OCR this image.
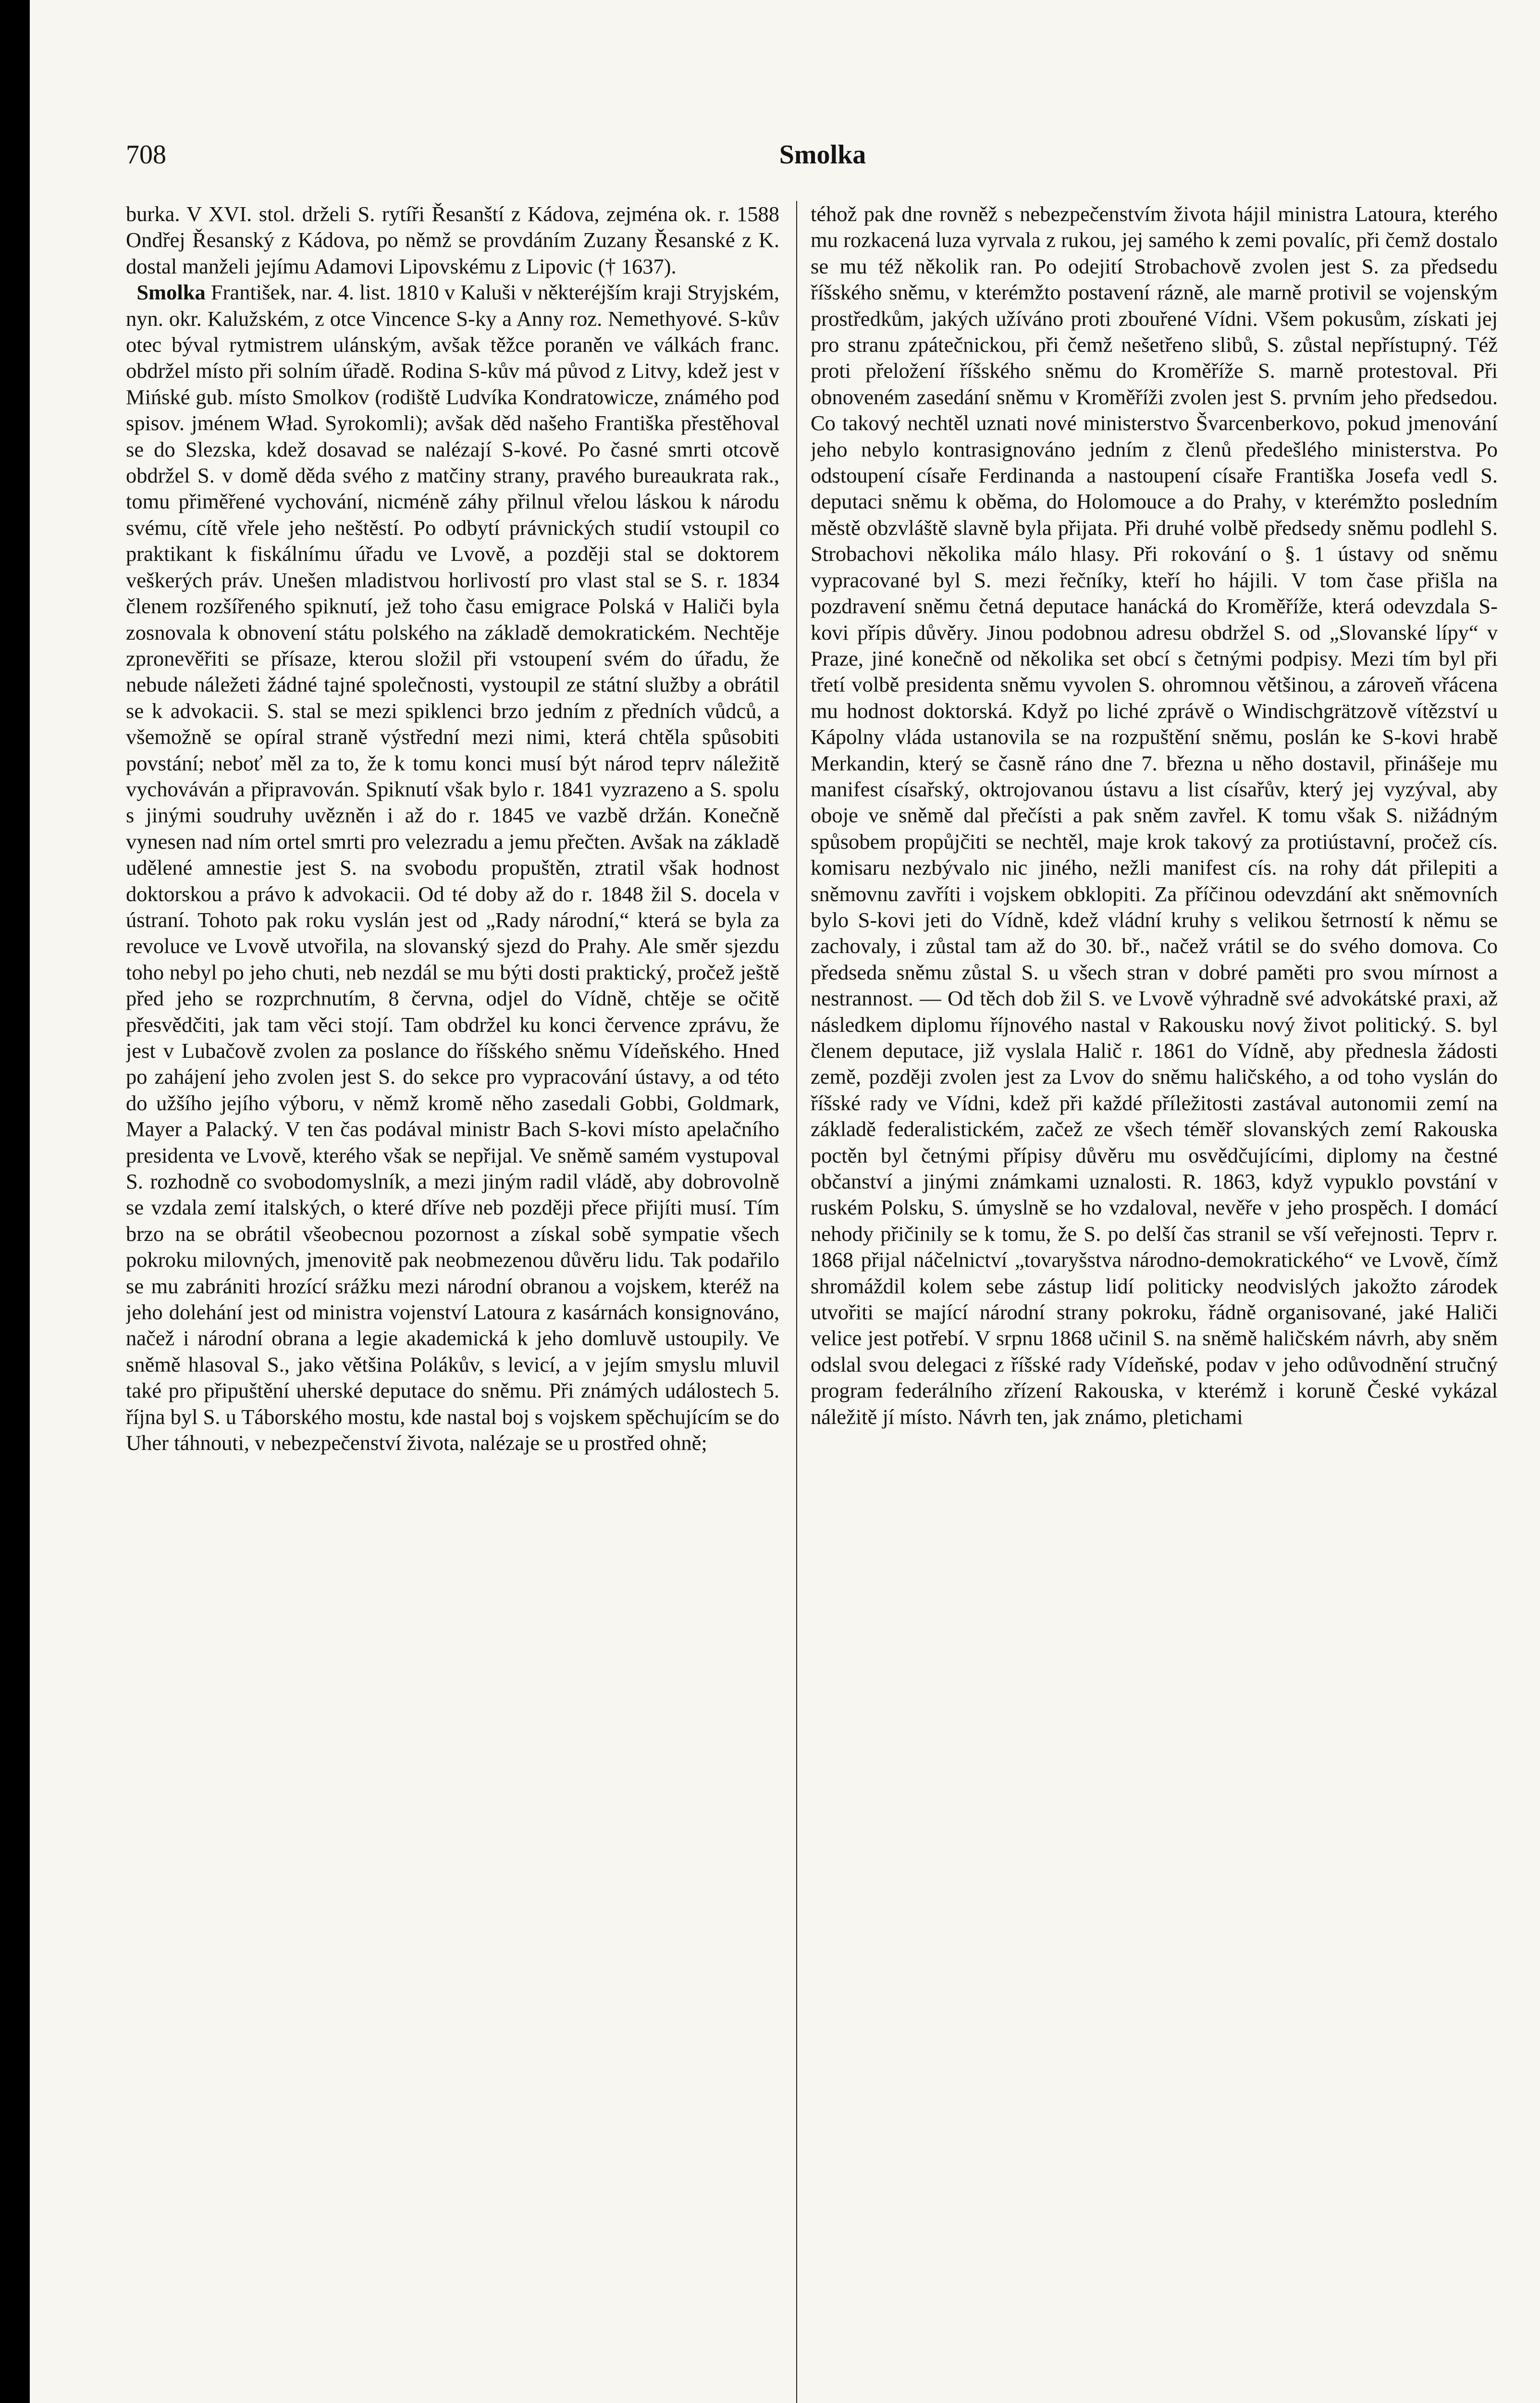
708	Smolka

burka. V XVI. stol. drželi S. rytíři Řesanští z Kádova, zejména ok. r. 1588 Ondřej Řesanský z Kádova, po němž se provdáním Zuzany Řesanské z K. dostal manželi jejímu Adamovi Lipovskému z Lipovic († 1637).

Smolka František, nar. 4. list. 1810 v Kaluši v některéjším kraji Stryjském, nyn. okr. Kalužském, z otce Vincence S-ky a Anny roz. Nemethyové. S-kův otec býval rytmistrem ulánským, avšak těžce poraněn ve válkách franc. obdržel místo při solním úřadě. Rodina S-kův má původ z Litvy, kdež jest v Mińské gub. místo Smolkov (rodiště Ludvíka Kondratowicze, známého pod spisov. jménem Wład. Syrokomli); avšak děd našeho Františka přestěhoval se do Slezska, kdež dosavad se nalézají S-kové. Po časné smrti otcově obdržel S. v domě děda svého z matčiny strany, pravého bureaukrata rak., tomu přiměřené vychování, nicméně záhy přilnul vřelou láskou k národu svému, cítě vřele jeho neštěstí. Po odbytí právnických studií vstoupil co praktikant k fiskálnímu úřadu ve Lvově, a později stal se doktorem veškerých práv. Unešen mladistvou horlivostí pro vlast stal se S. r. 1834 členem rozšířeného spiknutí, jež toho času emigrace Polská v Haliči byla zosnovala k obnovení státu polského na základě demokratickém. Nechtěje zpronevěřiti se přísaze, kterou složil při vstoupení svém do úřadu, že nebude náležeti žádné tajné společnosti, vystoupil ze státní služby a obrátil se k advokacii. S. stal se mezi spiklenci brzo jedním z předních vůdců, a všemožně se opíral straně výstřední mezi nimi, která chtěla spůsobiti povstání; neboť měl za to, že k tomu konci musí být národ teprv náležitě vychováván a připravován. Spiknutí však bylo r. 1841 vyzrazeno a S. spolu s jinými soudruhy uvězněn i až do r. 1845 ve vazbě držán. Konečně vynesen nad ním ortel smrti pro velezradu a jemu přečten. Avšak na základě udělené amnestie jest S. na svobodu propuštěn, ztratil však hodnost doktorskou a právo k advokacii. Od té doby až do r. 1848 žil S. docela v ústraní. Tohoto pak roku vyslán jest od „Rady národní,“ která se byla za revoluce ve Lvově utvořila, na slovanský sjezd do Prahy. Ale směr sjezdu toho nebyl po jeho chuti, neb nezdál se mu býti dosti praktický, pročež ještě před jeho se rozprchnutím, 8 června, odjel do Vídně, chtěje se očitě přesvědčiti, jak tam věci stojí. Tam obdržel ku konci července zprávu, že jest v Lubačově zvolen za poslance do říšského sněmu Vídeňského. Hned po zahájení jeho zvolen jest S. do sekce pro vypracování ústavy, a od této do užšího jejího výboru, v němž kromě něho zasedali Gobbi, Goldmark, Mayer a Palacký. V ten čas podával ministr Bach S-kovi místo apelačního presidenta ve Lvově, kterého však se nepřijal. Ve sněmě samém vystupoval S. rozhodně co svobodomyslník, a mezi jiným radil vládě, aby dobrovolně se vzdala zemí italských, o které dříve neb později přece přijíti musí. Tím brzo na se obrátil všeobecnou pozornost a získal sobě sympatie všech pokroku milovných, jmenovitě pak neobmezenou důvěru lidu. Tak podařilo se mu zabrániti hrozící srážku mezi národní obranou a vojskem, kteréž na jeho dolehání jest od ministra vojenství Latoura z kasárnách konsignováno, načež i národní obrana a legie akademická k jeho domluvě ustoupily. Ve sněmě hlasoval S., jako většina Polákův, s levicí, a v jejím smyslu mluvil také pro připuštění uherské deputace do sněmu. Při známých událostech 5. října byl S. u Táborského mostu, kde nastal boj s vojskem spěchujícím se do Uher táhnouti, v nebezpečenství života, nalézaje se u prostřed ohně;

téhož pak dne rovněž s nebezpečenstvím života hájil ministra Latoura, kterého mu rozkacená luza vyrvala z rukou, jej samého k zemi povalíc, při čemž dostalo se mu též několik ran. Po odejití Strobachově zvolen jest S. za předsedu říšského sněmu, v kterémžto postavení rázně, ale marně protivil se vojenským prostředkům, jakých užíváno proti zbouřené Vídni. Všem pokusům, získati jej pro stranu zpátečnickou, při čemž nešetřeno slibů, S. zůstal nepřístupný. Též proti přeložení říšského sněmu do Kroměříže S. marně protestoval. Při obnoveném zasedání sněmu v Kroměříži zvolen jest S. prvním jeho předsedou. Co takový nechtěl uznati nové ministerstvo Švarcenberkovo, pokud jmenování jeho nebylo kontrasignováno jedním z členů předešlého ministerstva. Po odstoupení císaře Ferdinanda a nastoupení císaře Františka Josefa vedl S. deputaci sněmu k oběma, do Holomouce a do Prahy, v kterémžto posledním městě obzvláště slavně byla přijata. Při druhé volbě předsedy sněmu podlehl S. Strobachovi několika málo hlasy. Při rokování o §. 1 ústavy od sněmu vypracované byl S. mezi řečníky, kteří ho hájili. V tom čase přišla na pozdravení sněmu četná deputace hanácká do Kroměříže, která odevzdala S-kovi přípis důvěry. Jinou podobnou adresu obdržel S. od „Slovanské lípy“ v Praze, jiné konečně od několika set obcí s četnými podpisy. Mezi tím byl při třetí volbě presidenta sněmu vyvolen S. ohromnou většinou, a zároveň vřácena mu hodnost doktorská. Když po liché zprávě o Windischgrätzově vítězství u Kápolny vláda ustanovila se na rozpuštění sněmu, poslán ke S-kovi hrabě Merkandin, který se časně ráno dne 7. března u něho dostavil, přinášeje mu manifest císařský, oktrojovanou ústavu a list císařův, který jej vyzýval, aby oboje ve sněmě dal přečísti a pak sněm zavřel. K tomu však S. nižádným spůsobem propůjčiti se nechtěl, maje krok takový za protiústavní, pročež cís. komisaru nezbývalo nic jiného, nežli manifest cís. na rohy dát přilepiti a sněmovnu zavříti i vojskem obklopiti. Za příčinou odevzdání akt sněmovních bylo S-kovi jeti do Vídně, kdež vládní kruhy s velikou šetrností k němu se zachovaly, i zůstal tam až do 30. bř., načež vrátil se do svého domova. Co předseda sněmu zůstal S. u všech stran v dobré paměti pro svou mírnost a nestrannost. — Od těch dob žil S. ve Lvově výhradně své advokátské praxi, až následkem diplomu říjnového nastal v Rakousku nový život politický. S. byl členem deputace, již vyslala Halič r. 1861 do Vídně, aby přednesla žádosti země, později zvolen jest za Lvov do sněmu haličského, a od toho vyslán do říšské rady ve Vídni, kdež při každé příležitosti zastával autonomii zemí na základě federalistickém, začež ze všech téměř slovanských zemí Rakouska poctěn byl četnými přípisy důvěru mu osvědčujícími, diplomy na čestné občanství a jinými známkami uznalosti. R. 1863, když vypuklo povstání v ruském Polsku, S. úmyslně se ho vzdaloval, nevěře v jeho prospěch. I domácí nehody přičinily se k tomu, že S. po delší čas stranil se vší veřejnosti. Teprv r. 1868 přijal náčelnictví „tovaryšstva národno-demokratického“ ve Lvově, čímž shromáždil kolem sebe zástup lidí politicky neodvislých jakožto zárodek utvořiti se mající národní strany pokroku, řádně organisované, jaké Haliči velice jest potřebí. V srpnu 1868 učinil S. na sněmě haličském návrh, aby sněm odslal svou delegaci z říšské rady Vídeňské, podav v jeho odůvodnění stručný program federálního zřízení Rakouska, v kterémž i koruně České vykázal náležitě jí místo. Návrh ten, jak známo, pletichami
